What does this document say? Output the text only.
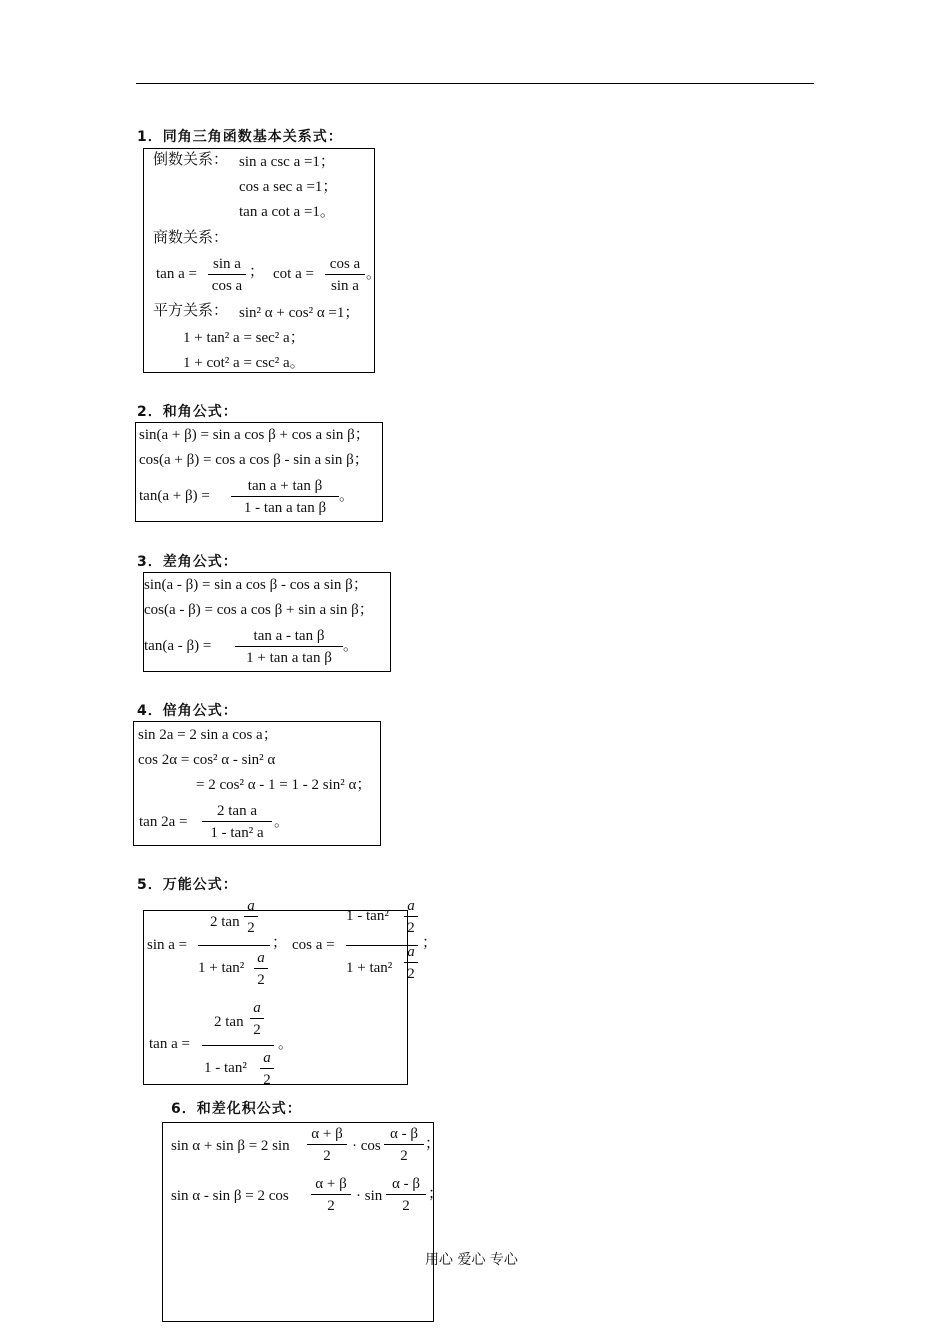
1．同角三角函数基本关系式：
倒数关系： sin a csc a =1；
cos a sec a =1；
tan a cot a =1。
商数关系：
tan a =
sin a
cos a
； cot a =
cos a
sin a
。
平方关系： sin² α + cos² α =1；
1 + tan² a = sec² a；
1 + cot² a = csc² a。
2．和角公式：
sin(a + β) = sin a cos β + cos a sin β；
cos(a + β) = cos a cos β - sin a sin β；
tan(a + β) =
tan a + tan β
1 - tan a tan β
。
3．差角公式：
sin(a - β) = sin a cos β - cos a sin β；
cos(a - β) = cos a cos β + sin a sin β；
tan(a - β) =
tan a - tan β
1 + tan a tan β
。
4．倍角公式：
sin 2a = 2 sin a cos a；
cos 2α = cos² α - sin² α
= 2 cos² α - 1 = 1 - 2 sin² α；
tan 2a =
2 tan a
1 - tan² a
。
5．万能公式：
sin a =
2 tan
a
2
1 + tan²
a
2
； cos a =
1 - tan²
a
2
1 + tan²
a
2
；
tan a =
2 tan
a
2
1 - tan²
a
2
。
6．和差化积公式：
sin α + sin β = 2 sin
α + β
2
· cos
α - β
2
；
sin α - sin β = 2 cos
α + β
2
· sin
α - β
2
；
用心 爱心 专心
